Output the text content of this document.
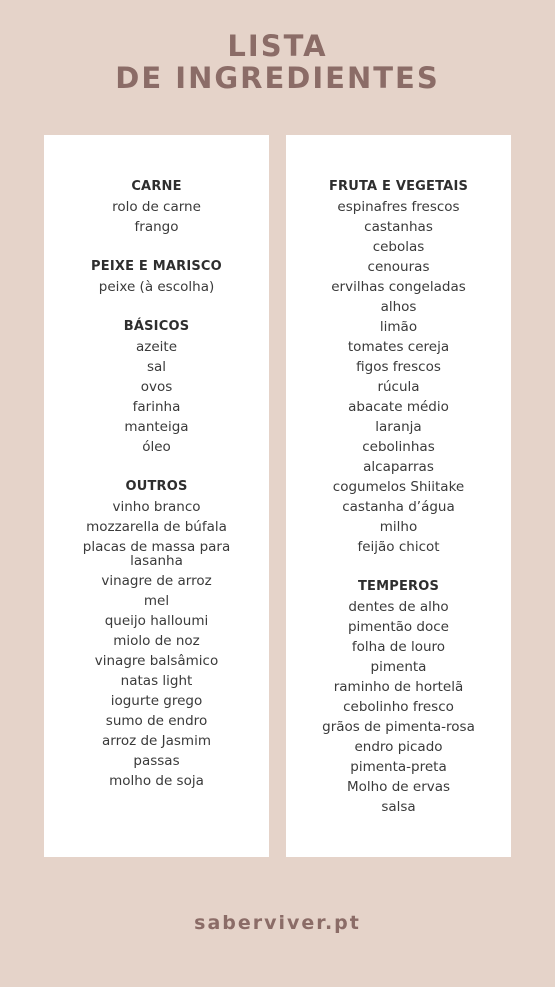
LISTA
DE INGREDIENTES
CARNE
rolo de carne
frango
PEIXE E MARISCO
peixe (à escolha)
BÁSICOS
azeite
sal
ovos
farinha
manteiga
óleo
OUTROS
vinho branco
mozzarella de búfala
placas de massa para lasanha
vinagre de arroz
mel
queijo halloumi
miolo de noz
vinagre balsâmico
natas light
iogurte grego
sumo de endro
arroz de Jasmim
passas
molho de soja
FRUTA E VEGETAIS
espinafres frescos
castanhas
cebolas
cenouras
ervilhas congeladas
alhos
limão
tomates cereja
figos frescos
rúcula
abacate médio
laranja
cebolinhas
alcaparras
cogumelos Shiitake
castanha d’água
milho
feijão chicot
TEMPEROS
dentes de alho
pimentão doce
folha de louro
pimenta
raminho de hortelã
cebolinho fresco
grãos de pimenta-rosa
endro picado
pimenta-preta
Molho de ervas
salsa
saberviver.pt
